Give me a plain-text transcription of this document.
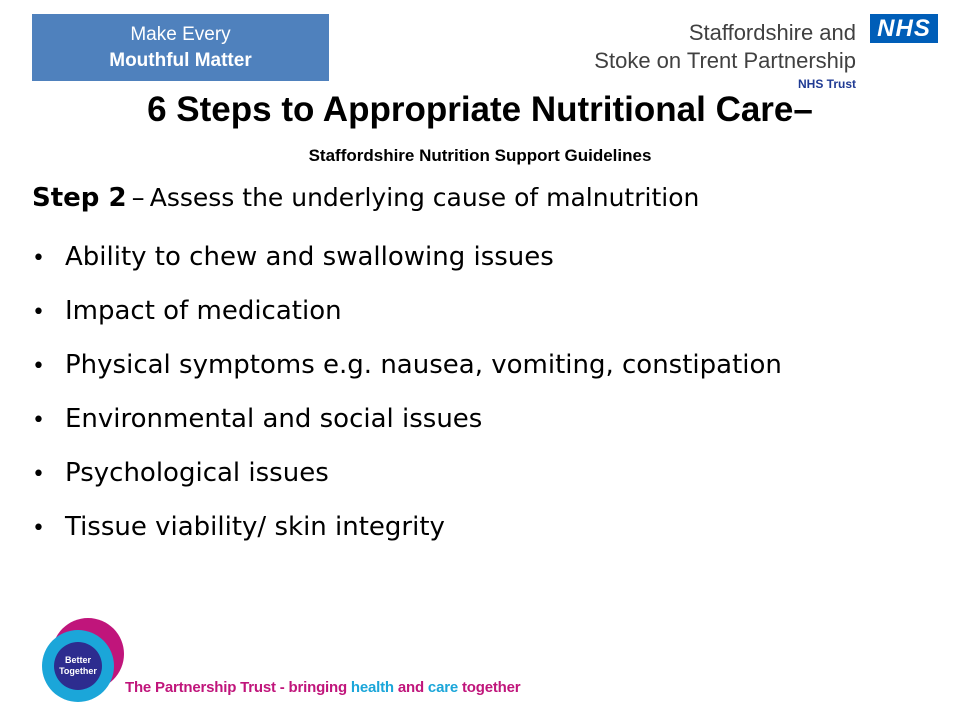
Make Every
Mouthful Matter
Staffordshire and
Stoke on Trent Partnership
NHS Trust
NHS
6 Steps to Appropriate Nutritional Care–
Staffordshire Nutrition Support Guidelines
Step 2 – Assess the underlying cause of malnutrition
• Ability to chew and swallowing issues
• Impact of medication
• Physical symptoms e.g. nausea, vomiting, constipation
• Environmental and social issues
• Psychological issues
• Tissue viability/ skin integrity
Better
Together
The Partnership Trust - bringing health and care together
